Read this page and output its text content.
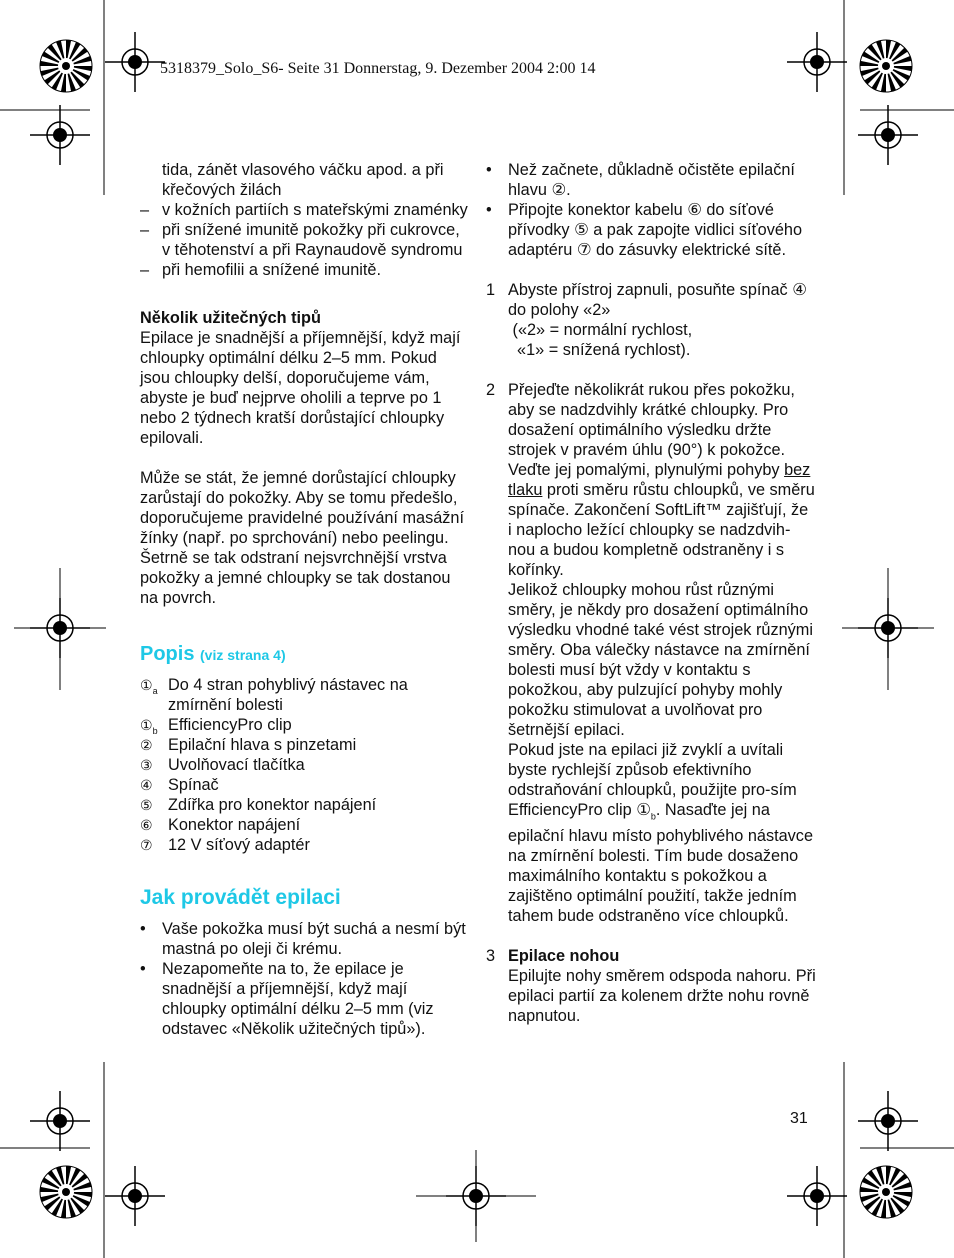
5318379_Solo_S6- Seite 31 Donnerstag, 9. Dezember 2004 2:00 14

tida, zánět vlasového váčku apod. a při křečových žilách

– v kožních partiích s mateřskými znaménky

– při snížené imunitě pokožky při cukrovce, v těhotenství a při Raynaudově syndromu

– při hemofilii a snížené imunitě.

Několik užitečných tipů

Epilace je snadnější a příjemnější, když mají chloupky optimální délku 2–5 mm. Pokud jsou chloupky delší, doporučujeme vám, abyste je buď nejprve oholili a teprve po 1 nebo 2 týdnech kratší dorůstající chloupky epilovali.

Může se stát, že jemné dorůstající chloupky zarůstají do pokožky. Aby se tomu předešlo, doporučujeme pravidelné používání masážní žínky (např. po sprchování) nebo peelingu. Šetrně se tak odstraní nejsvrchnější vrstva pokožky a jemné chloupky se tak dostanou na povrch.

Popis (viz strana 4)

$①_a$ Do 4 stran pohyblivý nástavec na zmírnění bolesti

$①_b$ EfficiencyPro clip

② Epilační hlava s pinzetami

③ Uvolňovací tlačítka

④ Spínač

⑤ Zdířka pro konektor napájení

⑥ Konektor napájení

⑦ 12 V síťový adaptér

Jak provádět epilaci

• Vaše pokožka musí být suchá a nesmí být mastná po oleji či krému.

• Nezapomeňte na to, že epilace je snadnější a příjemnější, když mají chloupky optimální délku 2–5 mm (viz odstavec «Několik užitečných tipů»).

• Než začnete, důkladně očistěte epilační hlavu ②.

• Připojte konektor kabelu ⑥ do síťové přívodky ⑤ a pak zapojte vidlici síťového adaptéru ⑦ do zásuvky elektrické sítě.

1 Abyste přístroj zapnuli, posuňte spínač ④ do polohy «2»
(«2» = normální rychlost,
«1» = snížená rychlost).
2 Přejeďte několikrát rukou přes pokožku, aby se nadzdvihly krátké chloupky. Pro dosažení optimálního výsledku držte strojek v pravém úhlu (90°) k pokožce. Veďte jej pomalými, plynulými pohyby bez tlaku proti směru růstu chloupků, ve směru spínače. Zakončení SoftLift™ zajišťují, že i naplocho ležící chloupky se nadzdvih-nou a budou kompletně odstraněny i s kořínky.
Jelikož chloupky mohou růst různými směry, je někdy pro dosažení optimálního výsledku vhodné také vést strojek různými směry. Oba válečky nástavce na zmírnění bolesti musí být vždy v kontaktu s pokožkou, aby pulzující pohyby mohly pokožku stimulovat a uvolňovat pro šetrnější epilaci.
Pokud jste na epilaci již zvyklí a uvítali byste rychlejší způsob efektivního odstraňování chloupků, použijte pro-sím EfficiencyPro clip $①_b$. Nasaďte jej na epilační hlavu místo pohyblivého nástavce na zmírnění bolesti. Tím bude dosaženo maximálního kontaktu s pokožkou a zajištěno optimální použití, takže jedním tahem bude odstraněno více chloupků.
3 Epilace nohou
Epilujte nohy směrem odspoda nahoru. Při epilaci partií za kolenem držte nohu rovně napnutou.
31
